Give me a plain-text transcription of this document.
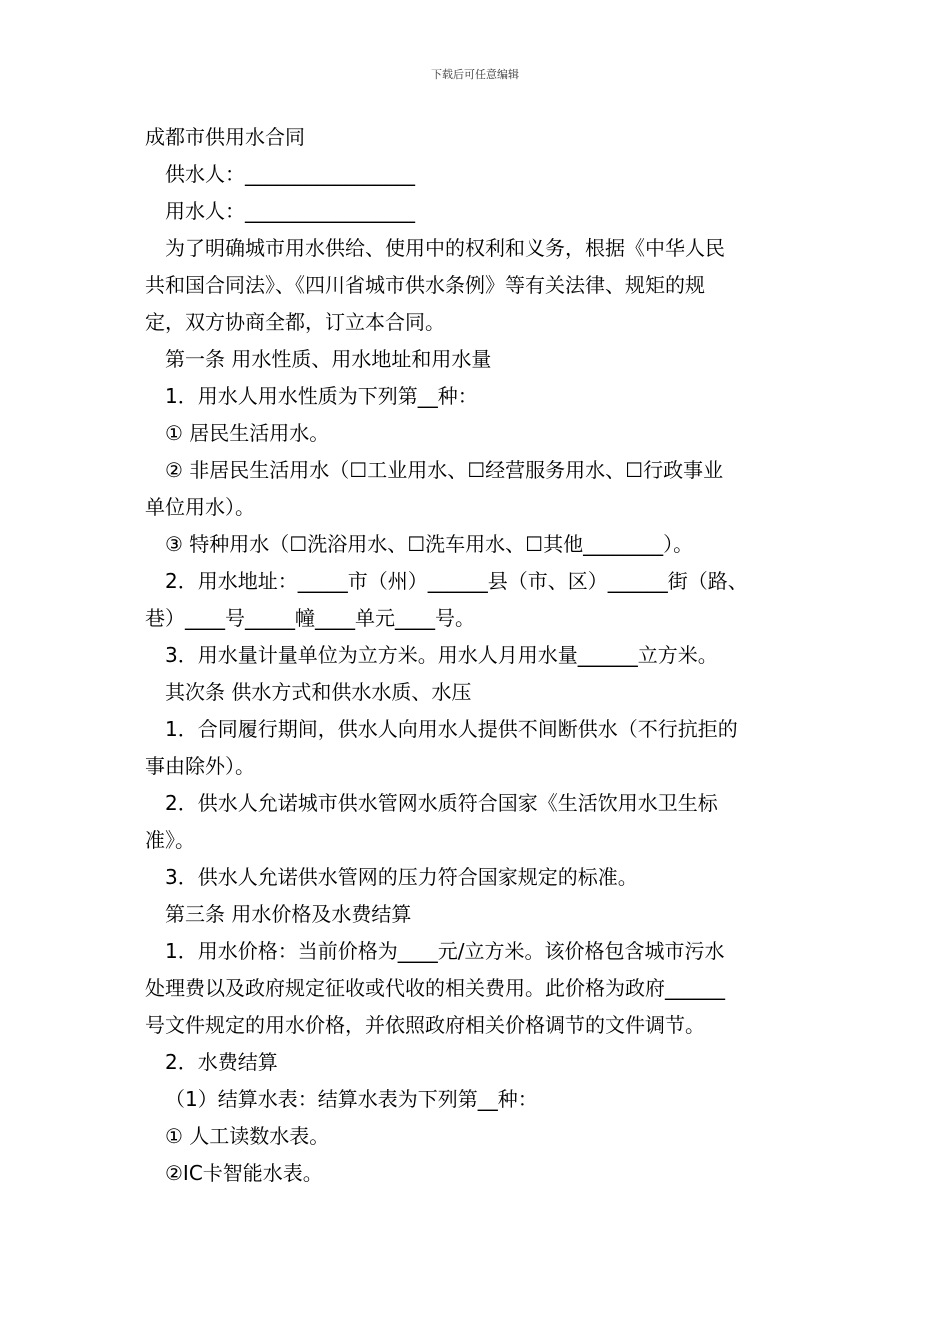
下载后可任意编辑
成都市供用水合同
供水人：_________________
用水人：_________________
为了明确城市用水供给、使用中的权利和义务，根据《中华人民
共和国合同法》、《四川省城市供水条例》等有关法律、规矩的规
定，双方协商全都，订立本合同。
第一条 用水性质、用水地址和用水量
1．用水人用水性质为下列第__种：
① 居民生活用水。
② 非居民生活用水（☐工业用水、☐经营服务用水、☐行政事业
单位用水）。
③ 特种用水（☐洗浴用水、☐洗车用水、☐其他________）。
2．用水地址：_____市（州）______县（市、区）______街（路、
巷）____号_____幢____单元____号。
3．用水量计量单位为立方米。用水人月用水量______立方米。
其次条 供水方式和供水水质、水压
1．合同履行期间，供水人向用水人提供不间断供水（不行抗拒的
事由除外）。
2．供水人允诺城市供水管网水质符合国家《生活饮用水卫生标
准》。
3．供水人允诺供水管网的压力符合国家规定的标准。
第三条 用水价格及水费结算
1．用水价格：当前价格为____元/立方米。该价格包含城市污水
处理费以及政府规定征收或代收的相关费用。此价格为政府______
号文件规定的用水价格，并依照政府相关价格调节的文件调节。
2．水费结算
（1）结算水表：结算水表为下列第__种：
① 人工读数水表。
②IC卡智能水表。
